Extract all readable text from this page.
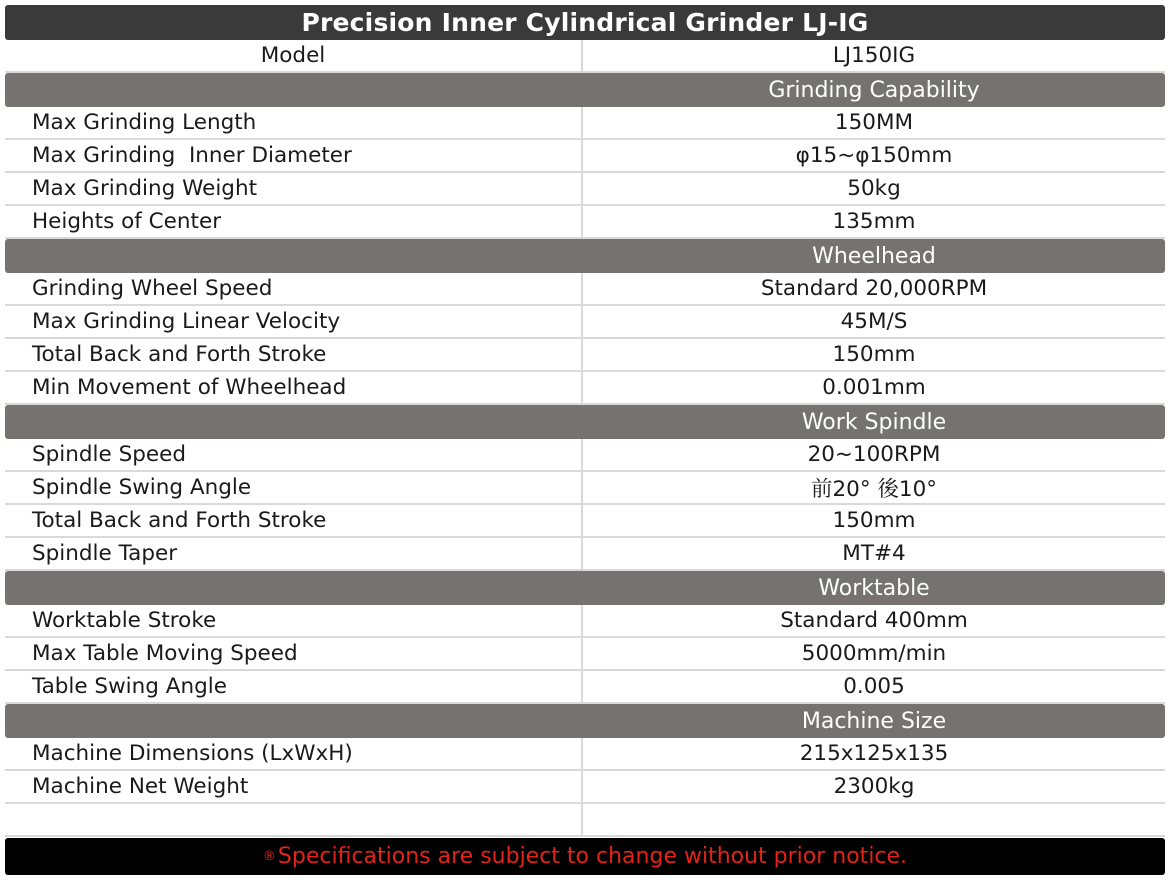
Precision Inner Cylindrical Grinder LJ-IG
Model	LJ150IG
Grinding Capability
Max Grinding Length	150MM
Max Grinding  Inner Diameter	φ15~φ150mm
Max Grinding Weight	50kg
Heights of Center	135mm
Wheelhead
Grinding Wheel Speed	Standard 20,000RPM
Max Grinding Linear Velocity	45M/S
Total Back and Forth Stroke	150mm
Min Movement of Wheelhead	0.001mm
Work Spindle
Spindle Speed	20~100RPM
Spindle Swing Angle	前20° 後10°
Total Back and Forth Stroke	150mm
Spindle Taper	MT#4
Worktable
Worktable Stroke	Standard 400mm
Max Table Moving Speed	5000mm/min
Table Swing Angle	0.005
Machine Size
Machine Dimensions (LxWxH)	215x125x135
Machine Net Weight	2300kg
® Specifications are subject to change without prior notice.
